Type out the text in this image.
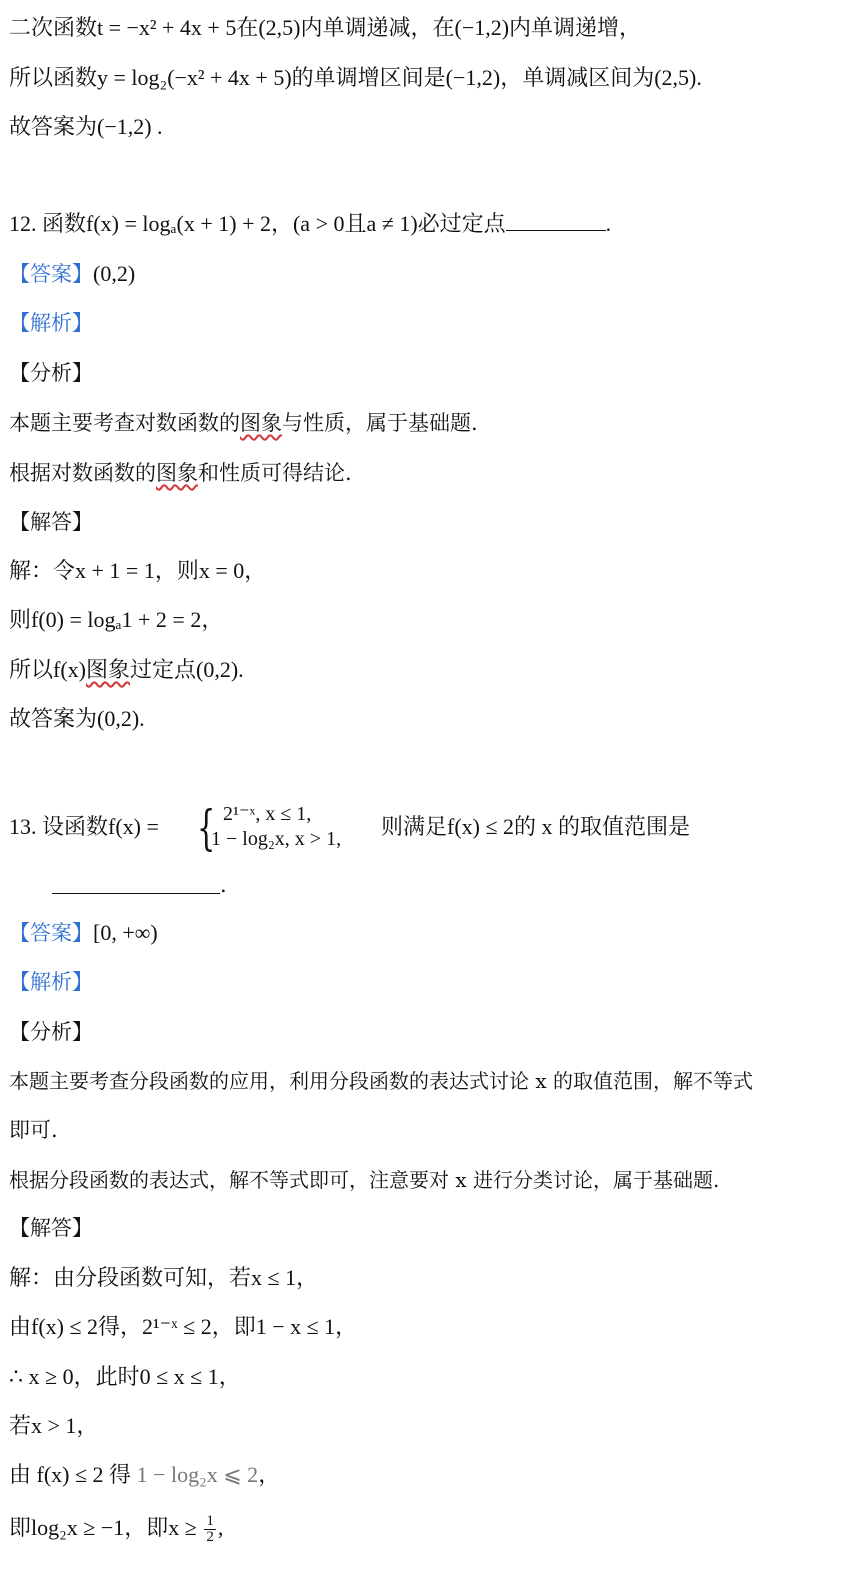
二次函数t = −x² + 4x + 5在(2,5)内单调递减，在(−1,2)内单调递增，
所以函数y = log₂(−x² + 4x + 5)的单调增区间是(−1,2)，单调减区间为(2,5).
故答案为(−1,2) .
12. 函数f(x) = logₐ(x + 1) + 2，(a > 0且a ≠ 1)必过定点	.
【答案】(0,2)
【解析】
【分析】
本题主要考查对数函数的图象与性质，属于基础题.
根据对数函数的图象和性质可得结论.
【解答】
解：令x + 1 = 1，则x = 0，
则f(0) = logₐ1 + 2 = 2，
所以f(x)图象过定点(0,2).
故答案为(0,2).
13. 设函数f(x) = { 2¹⁻ˣ, x ≤ 1,
1 − log₂x, x > 1, 则满足f(x) ≤ 2的 x 的取值范围是
.
【答案】[0, +∞)
【解析】
【分析】
本题主要考查分段函数的应用，利用分段函数的表达式讨论 x 的取值范围，解不等式
即可.
根据分段函数的表达式，解不等式即可，注意要对 x 进行分类讨论，属于基础题.
【解答】
解：由分段函数可知，若x ≤ 1，
由f(x) ≤ 2得，2¹⁻ˣ ≤ 2，即1 − x ≤ 1，
∴ x ≥ 0，此时0 ≤ x ≤ 1，
若x > 1，
由 f(x) ≤ 2 得 1 − log₂x ⩽ 2，
即log₂x ≥ −1，即$x \ge \frac{1}{2}$ ,
